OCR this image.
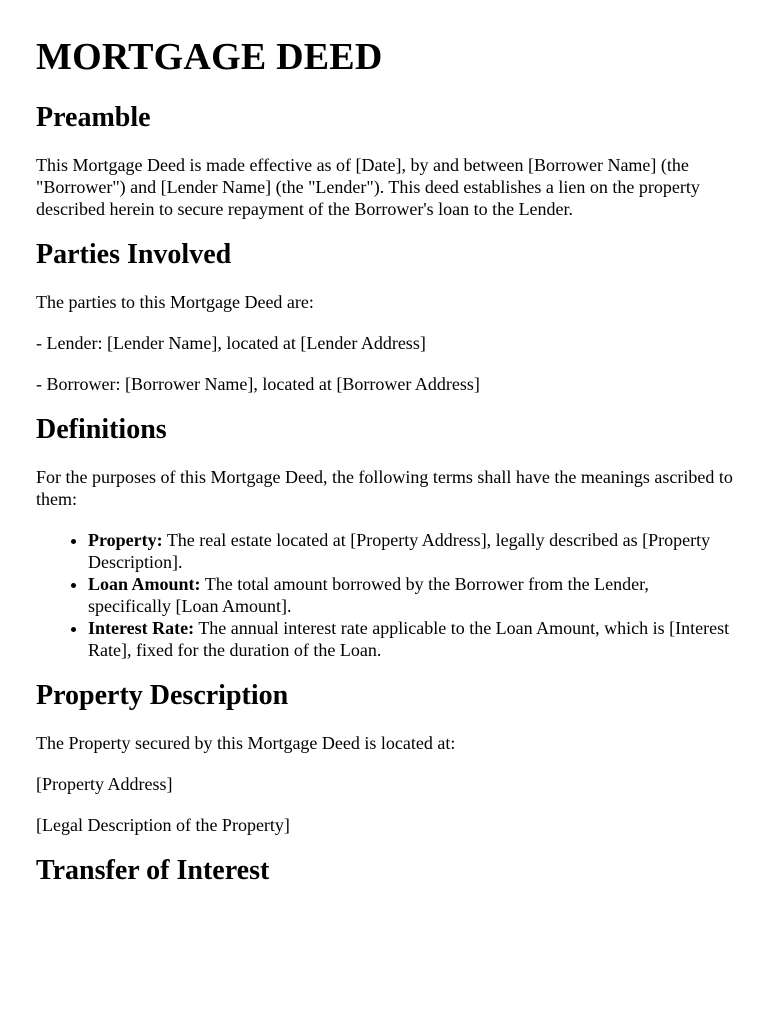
MORTGAGE DEED
Preamble

This Mortgage Deed is made effective as of [Date], by and between [Borrower Name] (the "Borrower") and [Lender Name] (the "Lender"). This deed establishes a lien on the property described herein to secure repayment of the Borrower's loan to the Lender.

Parties Involved

The parties to this Mortgage Deed are:

- Lender: [Lender Name], located at [Lender Address]

- Borrower: [Borrower Name], located at [Borrower Address]

Definitions

For the purposes of this Mortgage Deed, the following terms shall have the meanings ascribed to them:

• Property: The real estate located at [Property Address], legally described as [Property Description].
• Loan Amount: The total amount borrowed by the Borrower from the Lender, specifically [Loan Amount].
• Interest Rate: The annual interest rate applicable to the Loan Amount, which is [Interest Rate], fixed for the duration of the Loan.
Property Description

The Property secured by this Mortgage Deed is located at:

[Property Address]

[Legal Description of the Property]

Transfer of Interest
